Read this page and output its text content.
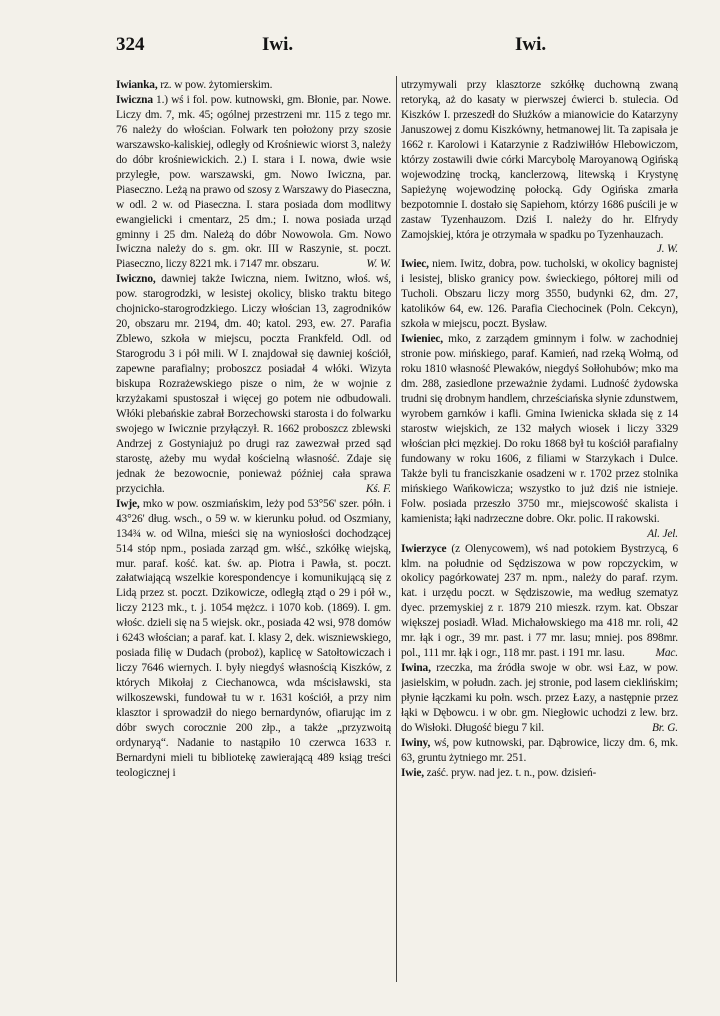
324	Iwi.	Iwi.

Iwianka, rz. w pow. żytomierskim.

Iwiczna 1.) wś i fol. pow. kutnowski, gm. Błonie, par. Nowe. Liczy dm. 7, mk. 45; ogólnej przestrzeni mr. 115 z tego mr. 76 należy do włościan. Folwark ten położony przy szosie warszawsko-kaliskiej, odległy od Krośniewic wiorst 3, należy do dóbr krośniewickich. 2.) I. stara i I. nowa, dwie wsie przyległe, pow. warszawski, gm. Nowo Iwiczna, par. Piaseczno. Leżą na prawo od szosy z Warszawy do Piaseczna, w odl. 2 w. od Piaseczna. I. stara posiada dom modlitwy ewangielicki i cmentarz, 25 dm.; I. nowa posiada urząd gminny i 25 dm. Należą do dóbr Nowowola. Gm. Nowo Iwiczna należy do s. gm. okr. III w Raszynie, st. poczt. Piaseczno, liczy 8221 mk. i 7147 mr. obszaru.	W. W.

Iwiczno, dawniej także Iwiczna, niem. Iwitzno, włoś. wś, pow. starogrodzki, w lesistej okolicy, blisko traktu bitego chojnicko-starogrodzkiego. Liczy włościan 13, zagrodników 20, obszaru mr. 2194, dm. 40; katol. 293, ew. 27. Parafia Zblewo, szkoła w miejscu, poczta Frankfeld. Odl. od Starogrodu 3 i pół mili. W I. znajdował się dawniej kościół, zapewne parafialny; proboszcz posiadał 4 włóki. Wizyta biskupa Rozrażewskiego pisze o nim, że w wojnie z krzyżakami spustoszał i więcej go potem nie odbudowali. Włóki plebańskie zabrał Borzechowski starosta i do folwarku swojego w Iwicznie przyłączył. R. 1662 proboszcz zblewski Andrzej z Gostyniajuż po drugi raz zawezwał przed sąd starostę, ażeby mu wydał kościelną własność. Zdaje się jednak że bezowocnie, ponieważ później cała sprawa przycichła.	Kś. F.

Iwje, mko w pow. oszmiańskim, leży pod 53°56' szer. półn. i 43°26' dług. wsch., o 59 w. w kierunku połud. od Oszmiany, 134¾ w. od Wilna, mieści się na wyniosłości dochodzącej 514 stóp npm., posiada zarząd gm. włść., szkółkę wiejską, mur. paraf. kość. kat. św. ap. Piotra i Pawła, st. poczt. załatwiającą wszelkie korespondencye i komunikującą się z Lidą przez st. poczt. Dzikowicze, odległą ztąd o 29 i pół w., liczy 2123 mk., t. j. 1054 mężcz. i 1070 kob. (1869). I. gm. włośc. dzieli się na 5 wiejsk. okr., posiada 42 wsi, 978 domów i 6243 włościan; a paraf. kat. I. klasy 2, dek. wiszniewskiego, posiada filię w Dudach (proboż), kaplicę w Satołtowiczach i liczy 7646 wiernych. I. były niegdyś własnością Kiszków, z których Mikołaj z Ciechanowca, wda mścisławski, sta wilkoszewski, fundował tu w r. 1631 kościół, a przy nim klasztor i sprowadził do niego bernardynów, ofiarując im z dóbr swych corocznie 200 złp., a także „przyzwoitą ordynaryą“. Nadanie to nastąpiło 10 czerwca 1633 r. Bernardyni mieli tu bibliotekę zawierającą 489 ksiąg treści teologicznej i

utrzymywali przy klasztorze szkółkę duchowną zwaną retoryką, aż do kasaty w pierwszej ćwierci b. stulecia. Od Kiszków I. przeszedł do Służków a mianowicie do Katarzyny Januszowej z domu Kiszkówny, hetmanowej lit. Ta zapisała je 1662 r. Karolowi i Katarzynie z Radziwiłłów Hlebowiczom, którzy zostawili dwie córki Marcybolę Maroyanową Ogińską wojewodzinę trocką, kanclerzową, litewską i Krystynę Sapieżynę wojewodzinę połocką. Gdy Ogińska zmarła bezpotomnie I. dostało się Sapiehom, którzy 1686 puścili je w zastaw Tyzenhauzom. Dziś I. należy do hr. Elfrydy Zamojskiej, która je otrzymała w spadku po Tyzenhauzach.
J. W.

Iwiec, niem. Iwitz, dobra, pow. tucholski, w okolicy bagnistej i lesistej, blisko granicy pow. świeckiego, półtorej mili od Tucholi. Obszaru liczy morg 3550, budynki 62, dm. 27, katolików 64, ew. 126. Parafia Ciechocinek (Poln. Cekcyn), szkoła w miejscu, poczt. Bysław.

Iwieniec, mko, z zarządem gminnym i folw. w zachodniej stronie pow. mińskiego, paraf. Kamień, nad rzeką Wołmą, od roku 1810 własność Plewaków, niegdyś Sołłohubów; mko ma dm. 288, zasiedlone przeważnie żydami. Ludność żydowska trudni się drobnym handlem, chrześciańska słynie zdunstwem, wyrobem garnków i kafli. Gmina Iwienicka składa się z 14 starostw wiejskich, ze 132 małych wiosek i liczy 3329 włościan płci męzkiej. Do roku 1868 był tu kościół parafialny fundowany w roku 1606, z filiami w Starzykach i Dulce. Także byli tu franciszkanie osadzeni w r. 1702 przez stolnika mińskiego Wańkowicza; wszystko to już dziś nie istnieje. Folw. posiada przeszło 3750 mr., miejscowość skalista i kamienista; łąki nadrzeczne dobre. Okr. polic. II rakowski.
Al. Jel.

Iwierzyce (z Olenycowem), wś nad potokiem Bystrzycą, 6 klm. na południe od Sędziszowa w pow ropczyckim, w okolicy pagórkowatej 237 m. npm., należy do paraf. rzym. kat. i urzędu poczt. w Sędziszowie, ma według szematyz dyec. przemyskiej z r. 1879 210 mieszk. rzym. kat. Obszar większej posiadł. Wład. Michałowskiego ma 418 mr. roli, 42 mr. łąk i ogr., 39 mr. past. i 77 mr. lasu; mniej. pos 898mr. pol., 111 mr. łąk i ogr., 118 mr. past. i 191 mr. lasu.	Mac.

Iwina, rzeczka, ma źródła swoje w obr. wsi Łaz, w pow. jasielskim, w połudn. zach. jej stronie, pod lasem cieklińskim; płynie łączkami ku połn. wsch. przez Łazy, a następnie przez łąki w Dębowcu. i w obr. gm. Niegłowic uchodzi z lew. brz. do Wisłoki. Długość biegu 7 kil.	Br. G.

Iwiny, wś, pow kutnowski, par. Dąbrowice, liczy dm. 6, mk. 63, gruntu żytniego mr. 251.

Iwie, zaść. pryw. nad jez. t. n., pow. dzisień-
